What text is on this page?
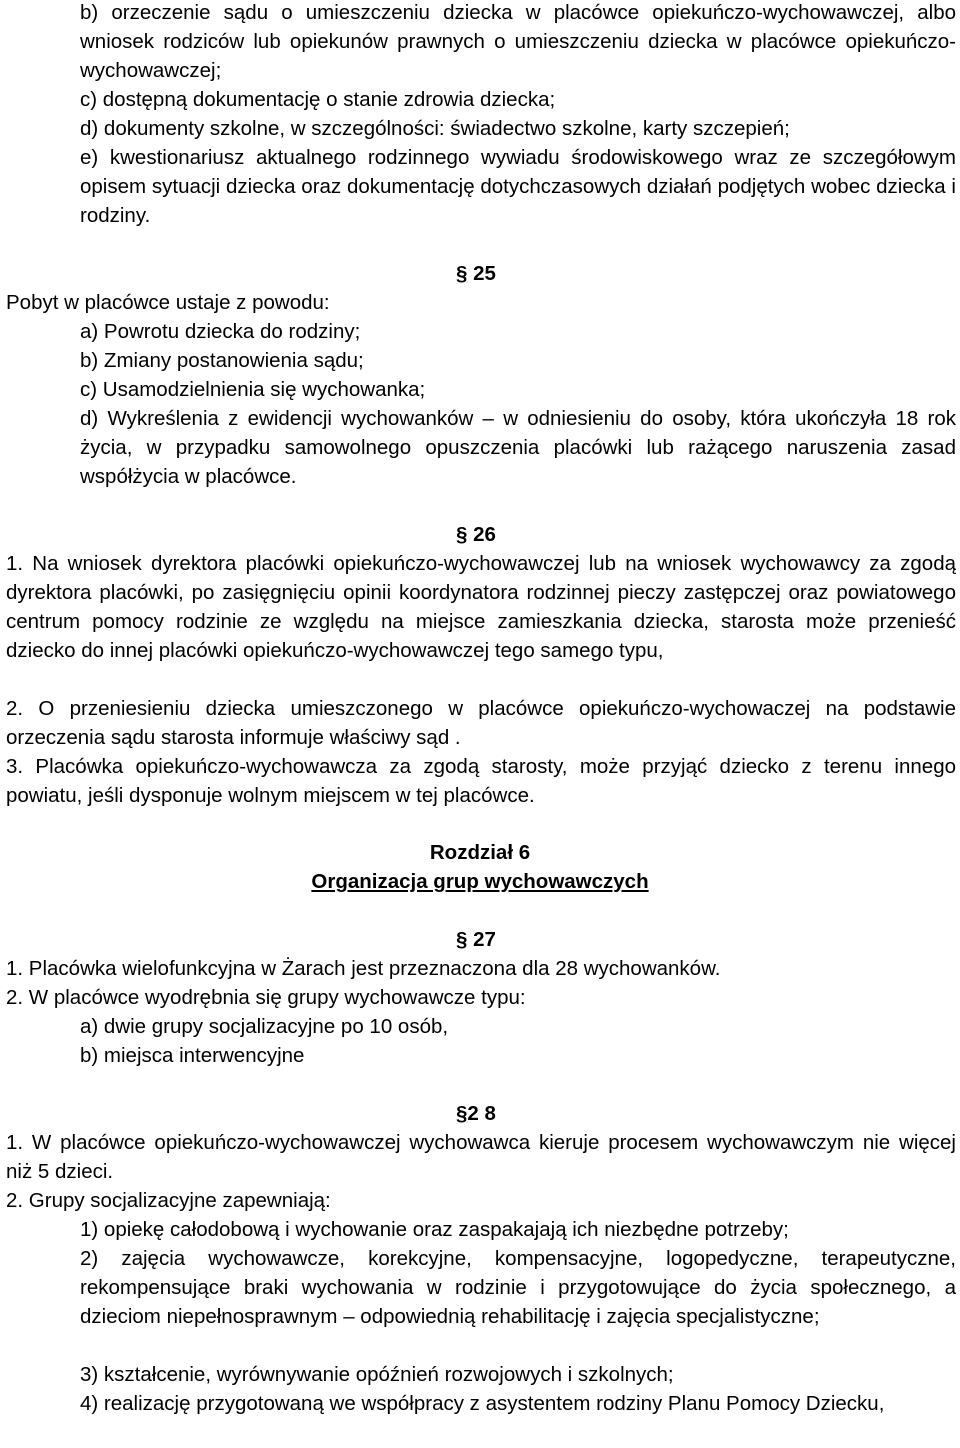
b) orzeczenie sądu o umieszczeniu dziecka w placówce opiekuńczo-wychowawczej, albo wniosek rodziców lub opiekunów prawnych o umieszczeniu dziecka w placówce opiekuńczo-wychowawczej;

c) dostępną dokumentację o stanie zdrowia dziecka;

d) dokumenty szkolne, w szczególności: świadectwo szkolne, karty szczepień;

e) kwestionariusz aktualnego rodzinnego wywiadu środowiskowego wraz ze szczegółowym opisem sytuacji dziecka oraz dokumentację dotychczasowych działań podjętych wobec dziecka i rodziny.

§ 25

Pobyt w placówce ustaje z powodu:

a) Powrotu dziecka do rodziny;

b) Zmiany postanowienia sądu;

c) Usamodzielnienia się wychowanka;

d) Wykreślenia z ewidencji wychowanków – w odniesieniu do osoby, która ukończyła 18 rok życia, w przypadku samowolnego opuszczenia placówki lub rażącego naruszenia zasad współżycia w placówce.

§ 26

1. Na wniosek dyrektora placówki opiekuńczo-wychowawczej lub na wniosek wychowawcy za zgodą dyrektora placówki, po zasięgnięciu opinii koordynatora rodzinnej pieczy zastępczej oraz powiatowego centrum pomocy rodzinie ze względu na miejsce zamieszkania dziecka, starosta może przenieść dziecko do innej placówki opiekuńczo-wychowawczej tego samego typu,

2. O przeniesieniu dziecka umieszczonego w placówce opiekuńczo-wychowaczej na podstawie orzeczenia sądu starosta informuje właściwy sąd .

3. Placówka opiekuńczo-wychowawcza za zgodą starosty, może przyjąć dziecko z terenu innego powiatu, jeśli dysponuje wolnym miejscem w tej placówce.

Rozdział 6
Organizacja grup wychowawczych
§ 27

1. Placówka wielofunkcyjna w Żarach jest przeznaczona dla 28 wychowanków.

2. W placówce wyodrębnia się grupy wychowawcze typu:

a) dwie grupy socjalizacyjne po 10 osób,

b) miejsca interwencyjne

§2 8

1. W placówce opiekuńczo-wychowawczej wychowawca kieruje procesem wychowawczym nie więcej niż 5 dzieci.

2. Grupy socjalizacyjne zapewniają:

1) opiekę całodobową i wychowanie oraz zaspakajają ich niezbędne potrzeby;

2) zajęcia wychowawcze, korekcyjne, kompensacyjne, logopedyczne, terapeutyczne, rekompensujące braki wychowania w rodzinie i przygotowujące do życia społecznego, a dzieciom niepełnosprawnym – odpowiednią rehabilitację i zajęcia specjalistyczne;

3) kształcenie, wyrównywanie opóźnień rozwojowych i szkolnych;

4) realizację przygotowaną we współpracy z asystentem rodziny Planu Pomocy Dziecku,
